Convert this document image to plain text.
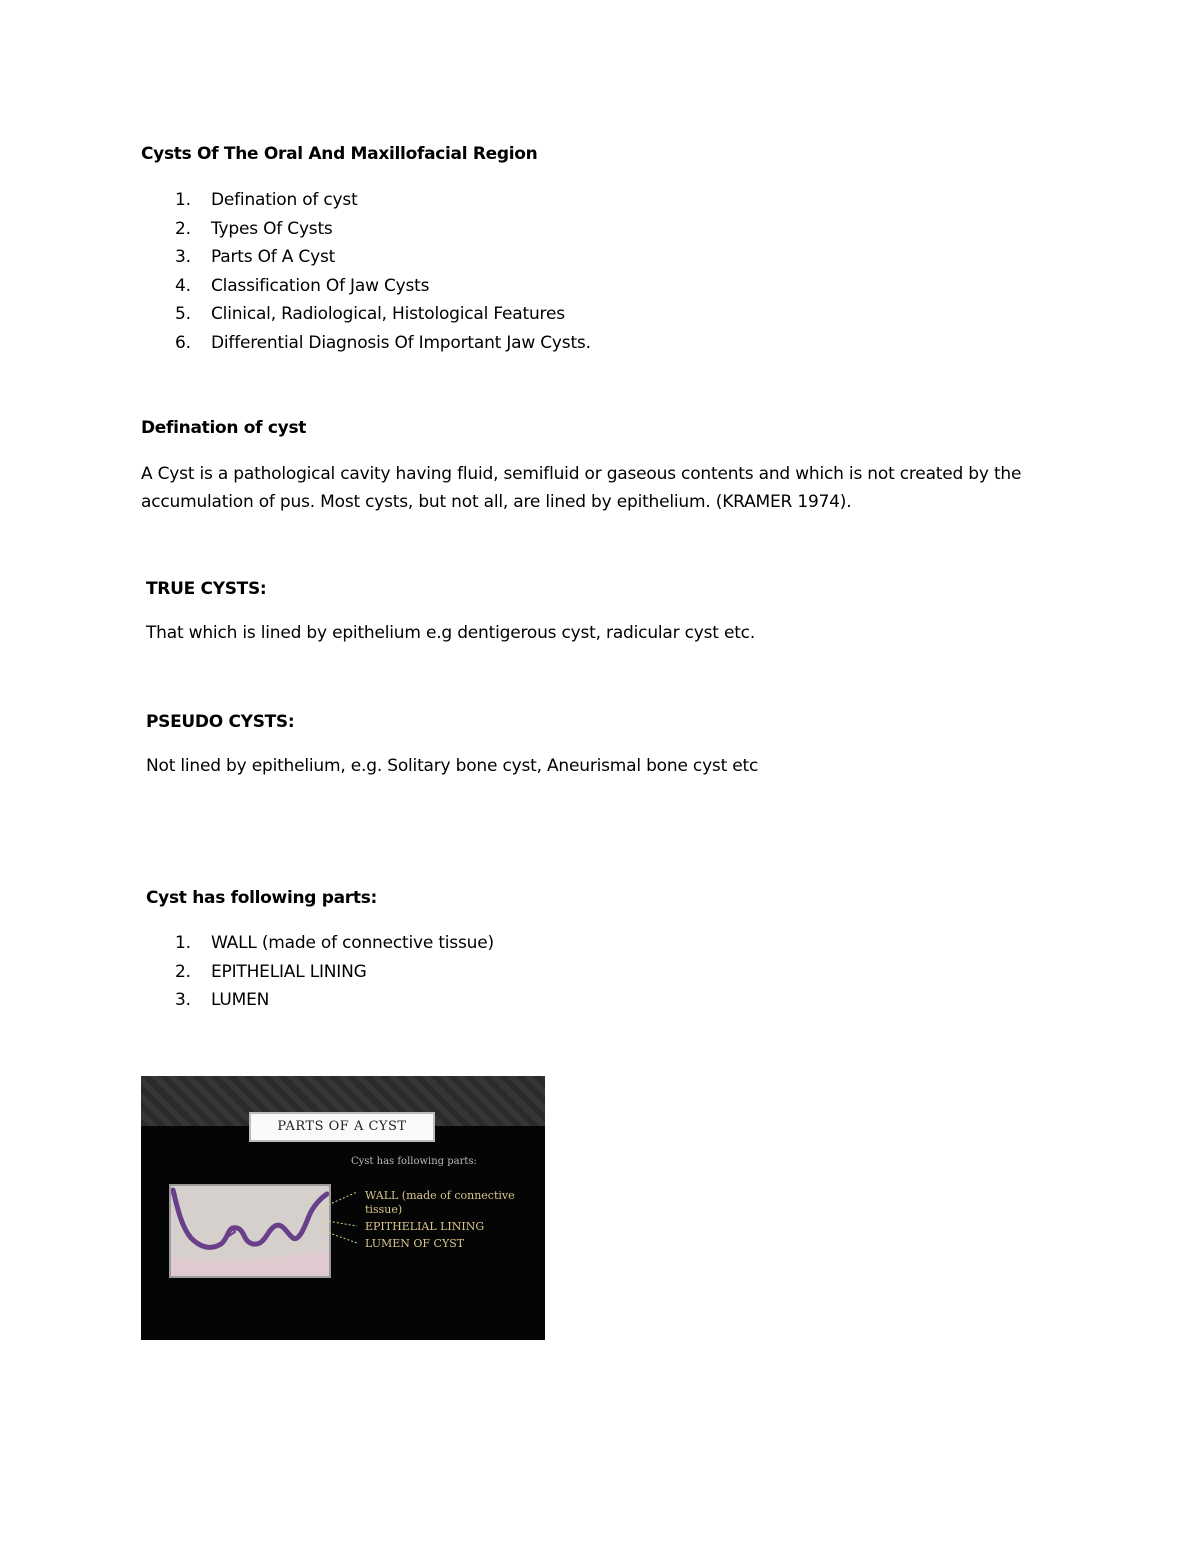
Cysts Of The Oral And Maxillofacial Region
1.	Defination of cyst
2.	Types Of Cysts
3.	Parts Of A Cyst
4.	Classification Of Jaw Cysts
5.	Clinical, Radiological, Histological Features
6.	Differential Diagnosis Of Important Jaw Cysts.
Defination of cyst
A Cyst is a pathological cavity having fluid, semifluid or gaseous contents and which is not created by the
accumulation of pus. Most cysts, but not all, are lined by epithelium. (KRAMER 1974).
TRUE CYSTS:
That which is lined by epithelium e.g dentigerous cyst, radicular cyst etc.
PSEUDO CYSTS:
Not lined by epithelium, e.g. Solitary bone cyst, Aneurismal bone cyst etc
Cyst has following parts:
1.	WALL (made of connective tissue)
2.	EPITHELIAL LINING
3.	LUMEN
PARTS OF A CYST
Cyst has following parts:
WALL (made of connective
tissue)
EPITHELIAL LINING
LUMEN OF CYST
